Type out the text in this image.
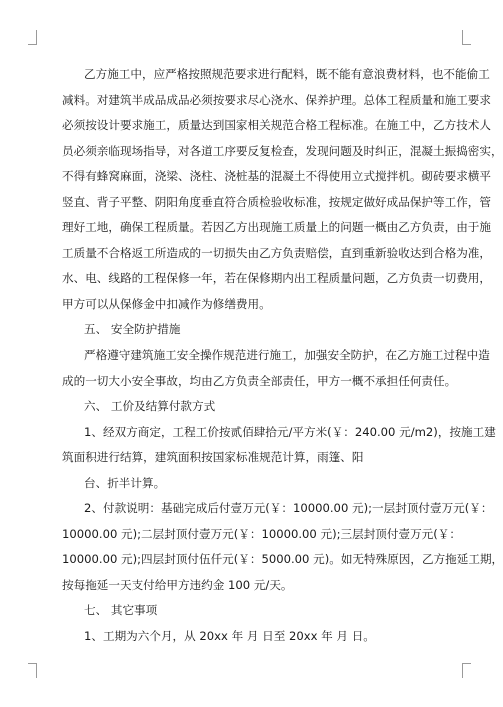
乙方施工中，应严格按照规范要求进行配料，既不能有意浪费材料，也不能偷工
减料。对建筑半成品成品必须按要求尽心浇水、保养护理。总体工程质量和施工要求
必须按设计要求施工，质量达到国家相关规范合格工程标准。在施工中，乙方技术人
员必须亲临现场指导，对各道工序要反复检查，发现问题及时纠正，混凝土振捣密实，
不得有蜂窝麻面，浇梁、浇柱、浇桩基的混凝土不得使用立式搅拌机。砌砖要求横平
竖直、背子平整、阴阳角度垂直符合质检验收标准，按规定做好成品保护等工作，管
理好工地，确保工程质量。若因乙方出现施工质量上的问题一概由乙方负责，由于施
工质量不合格返工所造成的一切损失由乙方负责赔偿，直到重新验收达到合格为准，
水、电、线路的工程保修一年，若在保修期内出工程质量问题，乙方负责一切费用，
甲方可以从保修金中扣减作为修缮费用。
五、 安全防护措施
严格遵守建筑施工安全操作规范进行施工，加强安全防护，在乙方施工过程中造
成的一切大小安全事故，均由乙方负责全部责任，甲方一概不承担任何责任。
六、 工价及结算付款方式
1、经双方商定，工程工价按贰佰肆拾元/平方米(￥：240.00 元/m2)，按施工建
筑面积进行结算，建筑面积按国家标准规范计算，雨篷、阳
台、折半计算。
2、付款说明：基础完成后付壹万元(￥：10000.00 元);一层封顶付壹万元(￥：
10000.00 元);二层封顶付壹万元(￥：10000.00 元);三层封顶付壹万元(￥：
10000.00 元);四层封顶付伍仟元(￥：5000.00 元)。如无特殊原因，乙方拖延工期，
按每拖延一天支付给甲方违约金 100 元/天。
七、 其它事项
1、工期为六个月，从 20xx 年 月 日至 20xx 年 月 日。
